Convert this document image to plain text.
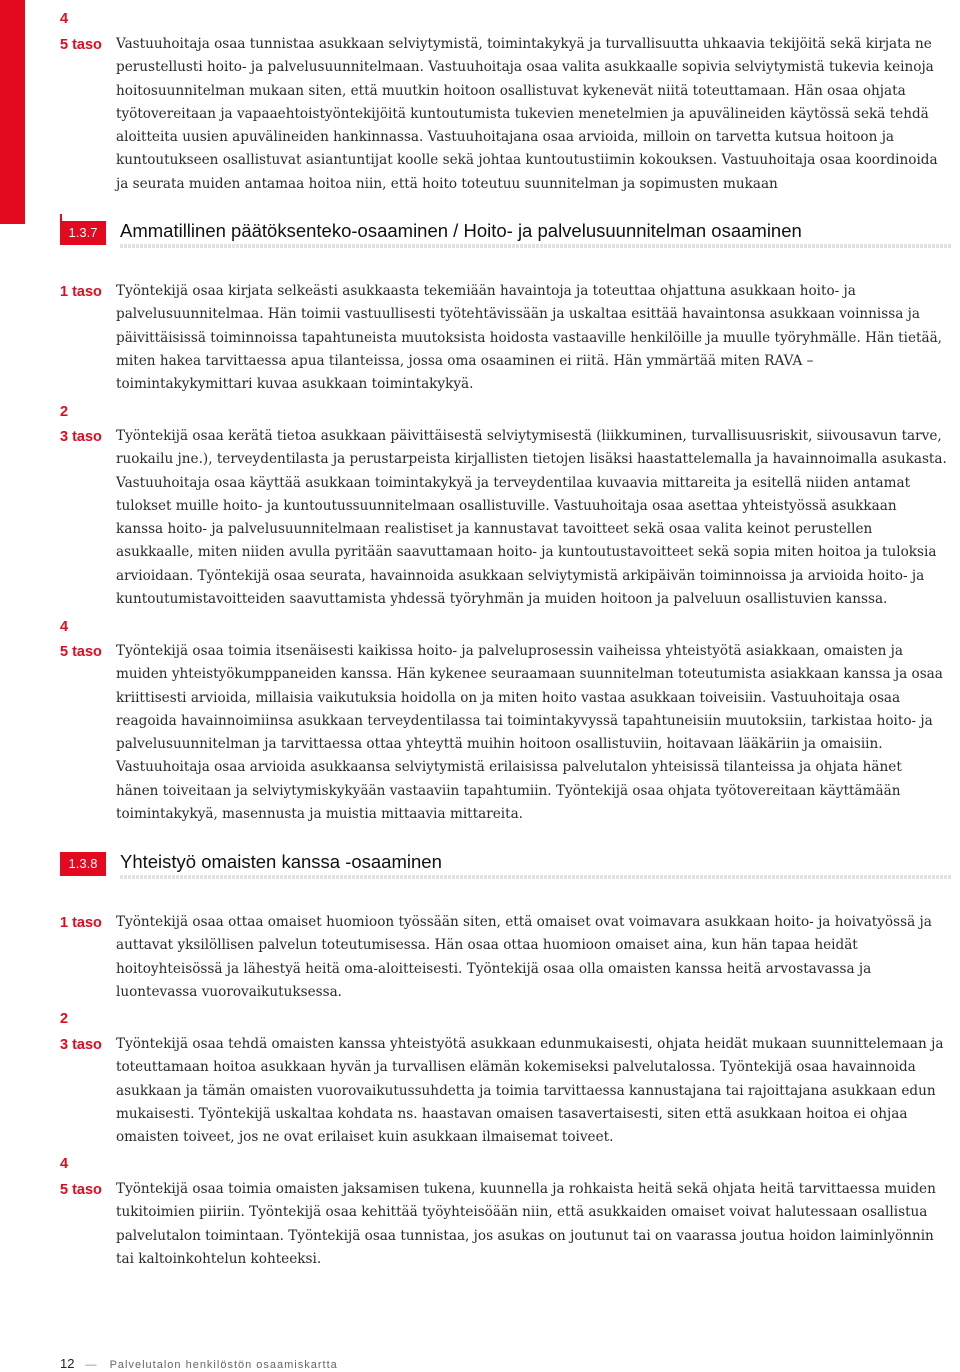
4
5 taso Vastuuhoitaja osaa tunnistaa asukkaan selviytymistä, toimintakykyä ja turvallisuutta uhkaavia tekijöitä sekä kirjata ne perustellusti hoito- ja palvelusuunnitelmaan. Vastuuhoitaja osaa valita asukkaalle sopivia selviytymistä tukevia keinoja hoitosuunnitelman mukaan siten, että muutkin hoitoon osallistuvat kykenevät niitä toteuttamaan. Hän osaa ohjata työtovereitaan ja vapaaehtoistyöntekijöitä kuntoutumista tukevien menetelmien ja apuvälineiden käytössä sekä tehdä aloitteita uusien apuvälineiden hankinnassa. Vastuuhoitajana osaa arvioida, milloin on tarvetta kutsua hoitoon ja kuntoutukseen osallistuvat asiantuntijat koolle sekä johtaa kuntoutustiimin kokouksen. Vastuuhoitaja osaa koordinoida ja seurata muiden antamaa hoitoa niin, että hoito toteutuu suunnitelman ja sopimusten mukaan

1.3.7	Ammatillinen päätöksenteko-osaaminen / Hoito- ja palvelusuunnitelman osaaminen
1 taso Työntekijä osaa kirjata selkeästi asukkaasta tekemiään havaintoja ja toteuttaa ohjattuna asukkaan hoito- ja palvelusuunnitelmaa. Hän toimii vastuullisesti työtehtävissään ja uskaltaa esittää havaintonsa asukkaan voinnissa ja päivittäisissä toiminnoissa tapahtuneista muutoksista hoidosta vastaaville henkilöille ja muulle työryhmälle. Hän tietää, miten hakea tarvittaessa apua tilanteissa, jossa oma osaaminen ei riitä. Hän ymmärtää miten RAVA – toimintakykymittari kuvaa asukkaan toimintakykyä.

2
3 taso Työntekijä osaa kerätä tietoa asukkaan päivittäisestä selviytymisestä (liikkuminen, turvallisuusriskit, siivousavun tarve, ruokailu jne.), terveydentilasta ja perustarpeista kirjallisten tietojen lisäksi haastattelemalla ja havainnoimalla asukasta. Vastuuhoitaja osaa käyttää asukkaan toimintakykyä ja terveydentilaa kuvaavia mittareita ja esitellä niiden antamat tulokset muille hoito- ja kuntoutussuunnitelmaan osallistuville. Vastuuhoitaja osaa asettaa yhteistyössä asukkaan kanssa hoito- ja palvelusuunnitelmaan realistiset ja kannustavat tavoitteet sekä osaa valita keinot perustellen asukkaalle, miten niiden avulla pyritään saavuttamaan hoito- ja kuntoutustavoitteet sekä sopia miten hoitoa ja tuloksia arvioidaan. Työntekijä osaa seurata, havainnoida asukkaan selviytymistä arkipäivän toiminnoissa ja arvioida hoito- ja kuntoutumistavoitteiden saavuttamista yhdessä työryhmän ja muiden hoitoon ja palveluun osallistuvien kanssa.

4
5 taso Työntekijä osaa toimia itsenäisesti kaikissa hoito- ja palveluprosessin vaiheissa yhteistyötä asiakkaan, omaisten ja muiden yhteistyökumppaneiden kanssa. Hän kykenee seuraamaan suunnitelman toteutumista asiakkaan kanssa ja osaa kriittisesti arvioida, millaisia vaikutuksia hoidolla on ja miten hoito vastaa asukkaan toiveisiin. Vastuuhoitaja osaa reagoida havainnoimiinsa asukkaan terveydentilassa tai toimintakyvyssä tapahtuneisiin muutoksiin, tarkistaa hoito- ja palvelusuunnitelman ja tarvittaessa ottaa yhteyttä muihin hoitoon osallistuviin, hoitavaan lääkäriin ja omaisiin. Vastuuhoitaja osaa arvioida asukkaansa selviytymistä erilaisissa palvelutalon yhteisissä tilanteissa ja ohjata hänet hänen toiveitaan ja selviytymiskykyään vastaaviin tapahtumiin. Työntekijä osaa ohjata työtovereitaan käyttämään toimintakykyä, masennusta ja muistia mittaavia mittareita.

1.3.8	Yhteistyö omaisten kanssa -osaaminen
1 taso Työntekijä osaa ottaa omaiset huomioon työssään siten, että omaiset ovat voimavara asukkaan hoito- ja hoivatyössä ja auttavat yksilöllisen palvelun toteutumisessa. Hän osaa ottaa huomioon omaiset aina, kun hän tapaa heidät hoitoyhteisössä ja lähestyä heitä oma-aloitteisesti. Työntekijä osaa olla omaisten kanssa heitä arvostavassa ja luontevassa vuorovaikutuksessa.

2
3 taso Työntekijä osaa tehdä omaisten kanssa yhteistyötä asukkaan edunmukaisesti, ohjata heidät mukaan suunnittelemaan ja toteuttamaan hoitoa asukkaan hyvän ja turvallisen elämän kokemiseksi palvelutalossa. Työntekijä osaa havainnoida asukkaan ja tämän omaisten vuorovaikutussuhdetta ja toimia tarvittaessa kannustajana tai rajoittajana asukkaan edun mukaisesti. Työntekijä uskaltaa kohdata ns. haastavan omaisen tasavertaisesti, siten että asukkaan hoitoa ei ohjaa omaisten toiveet, jos ne ovat erilaiset kuin asukkaan ilmaisemat toiveet.

4
5 taso Työntekijä osaa toimia omaisten jaksamisen tukena, kuunnella ja rohkaista heitä sekä ohjata heitä tarvittaessa muiden tukitoimien piiriin. Työntekijä osaa kehittää työyhteisöään niin, että asukkaiden omaiset voivat halutessaan osallistua palvelutalon toimintaan. Työntekijä osaa tunnistaa, jos asukas on joutunut tai on vaarassa joutua hoidon laiminlyönnin tai kaltoinkohtelun kohteeksi.

12 — Palvelutalon henkilöstön osaamiskartta
